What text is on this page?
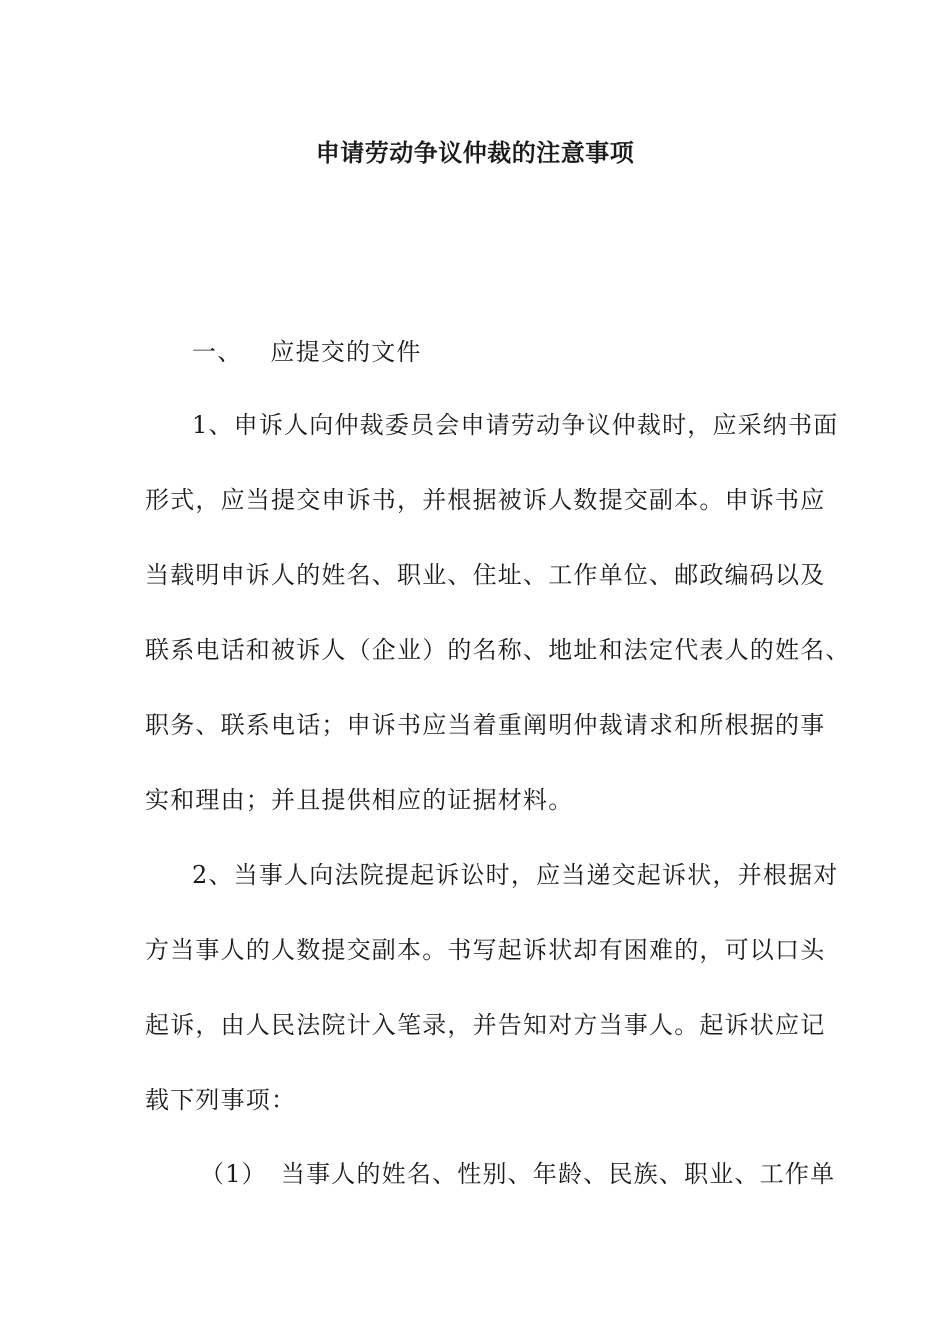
申请劳动争议仲裁的注意事项
一、 应提交的文件
1、申诉人向仲裁委员会申请劳动争议仲裁时，应采纳书面
形式，应当提交申诉书，并根据被诉人数提交副本。申诉书应
当载明申诉人的姓名、职业、住址、工作单位、邮政编码以及
联系电话和被诉人（企业）的名称、地址和法定代表人的姓名、
职务、联系电话；申诉书应当着重阐明仲裁请求和所根据的事
实和理由；并且提供相应的证据材料。
2、当事人向法院提起诉讼时，应当递交起诉状，并根据对
方当事人的人数提交副本。书写起诉状却有困难的，可以口头
起诉，由人民法院计入笔录，并告知对方当事人。起诉状应记
载下列事项：
（1） 当事人的姓名、性别、年龄、民族、职业、工作单
